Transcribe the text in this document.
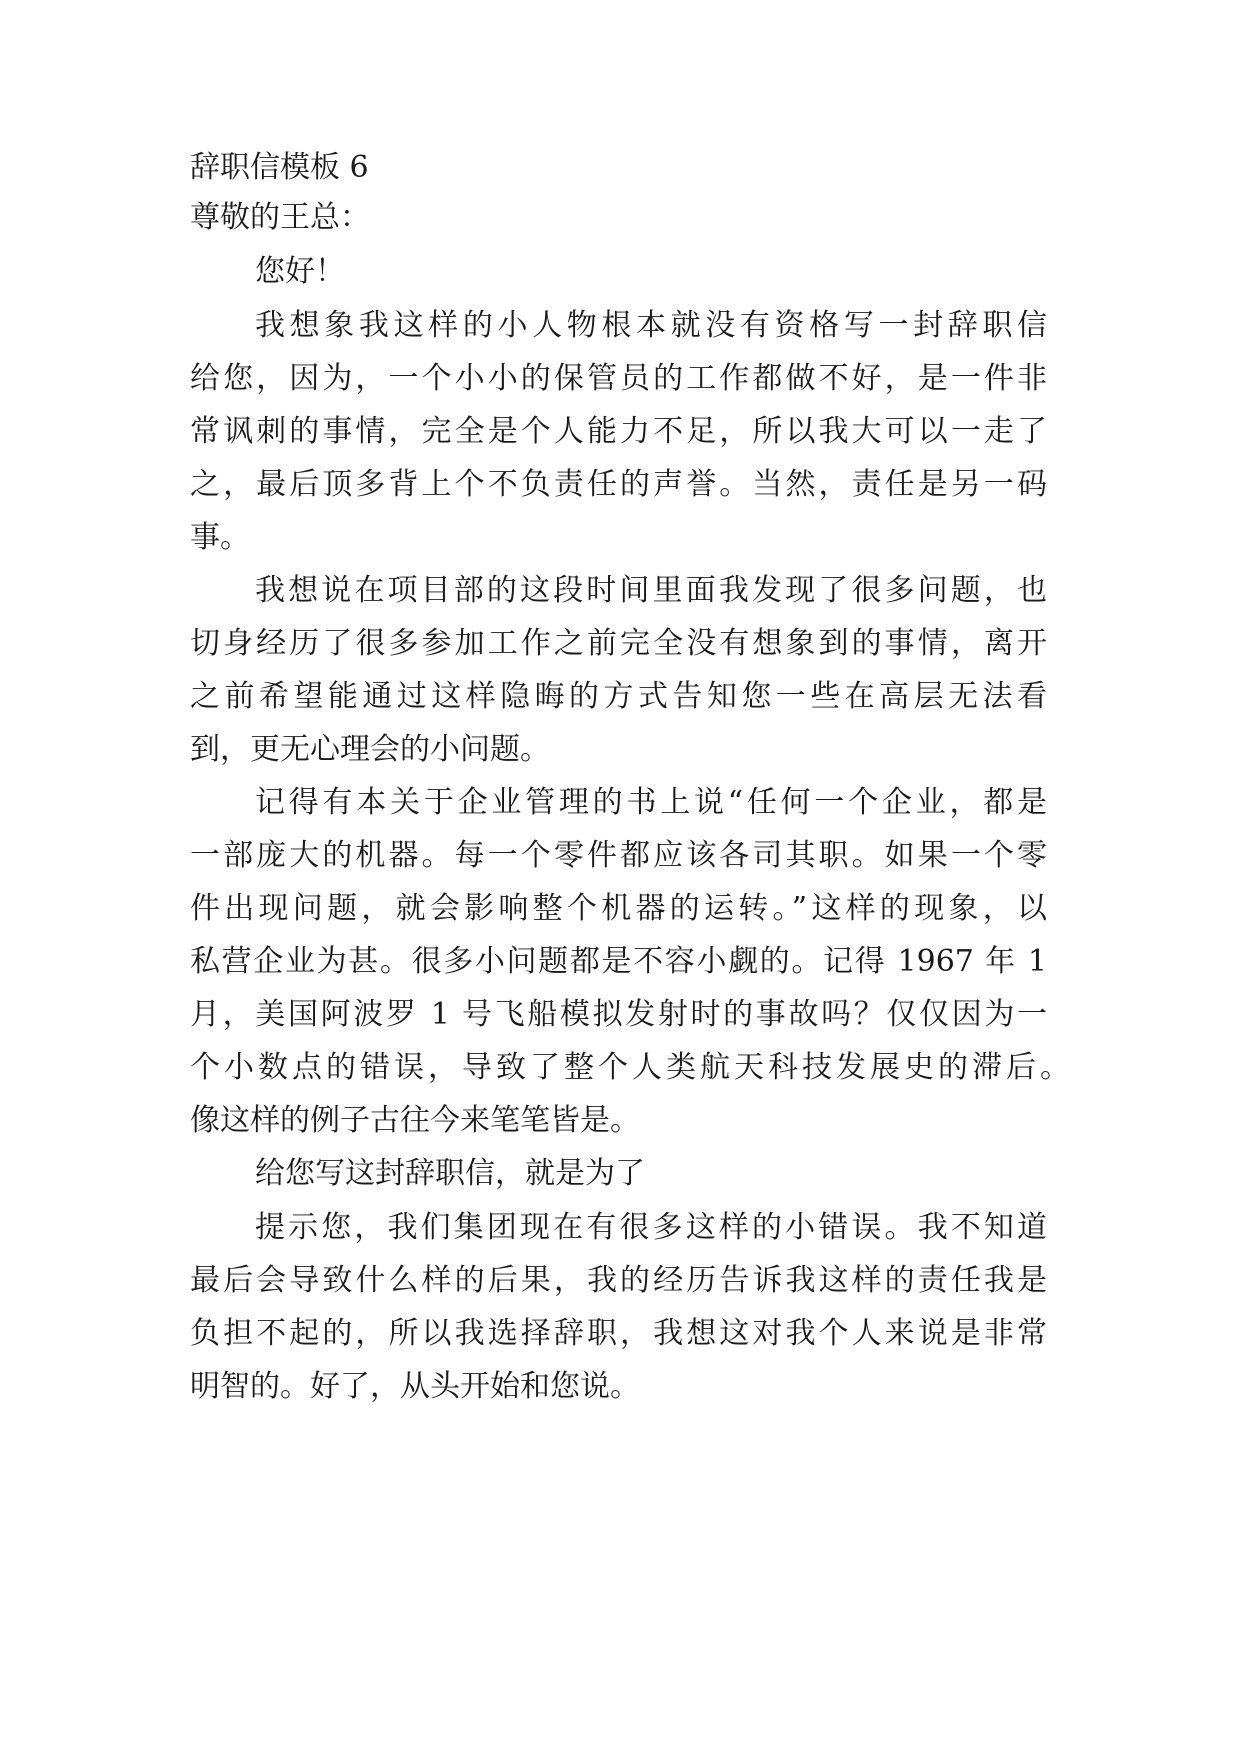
辞职信模板 6

尊敬的王总：

您好！

我想象我这样的小人物根本就没有资格写一封辞职信

给您，因为，一个小小的保管员的工作都做不好，是一件非

常讽刺的事情，完全是个人能力不足，所以我大可以一走了

之，最后顶多背上个不负责任的声誉。当然，责任是另一码

事。

我想说在项目部的这段时间里面我发现了很多问题，也

切身经历了很多参加工作之前完全没有想象到的事情，离开

之前希望能通过这样隐晦的方式告知您一些在高层无法看

到，更无心理会的小问题。

记得有本关于企业管理的书上说“任何一个企业，都是

一部庞大的机器。每一个零件都应该各司其职。如果一个零

件出现问题，就会影响整个机器的运转。”这样的现象，以

私营企业为甚。很多小问题都是不容小觑的。记得 1967 年 1

月，美国阿波罗 1 号飞船模拟发射时的事故吗？仅仅因为一

个小数点的错误，导致了整个人类航天科技发展史的滞后。

像这样的例子古往今来笔笔皆是。

给您写这封辞职信，就是为了

提示您，我们集团现在有很多这样的小错误。我不知道

最后会导致什么样的后果，我的经历告诉我这样的责任我是

负担不起的，所以我选择辞职，我想这对我个人来说是非常

明智的。好了，从头开始和您说。
